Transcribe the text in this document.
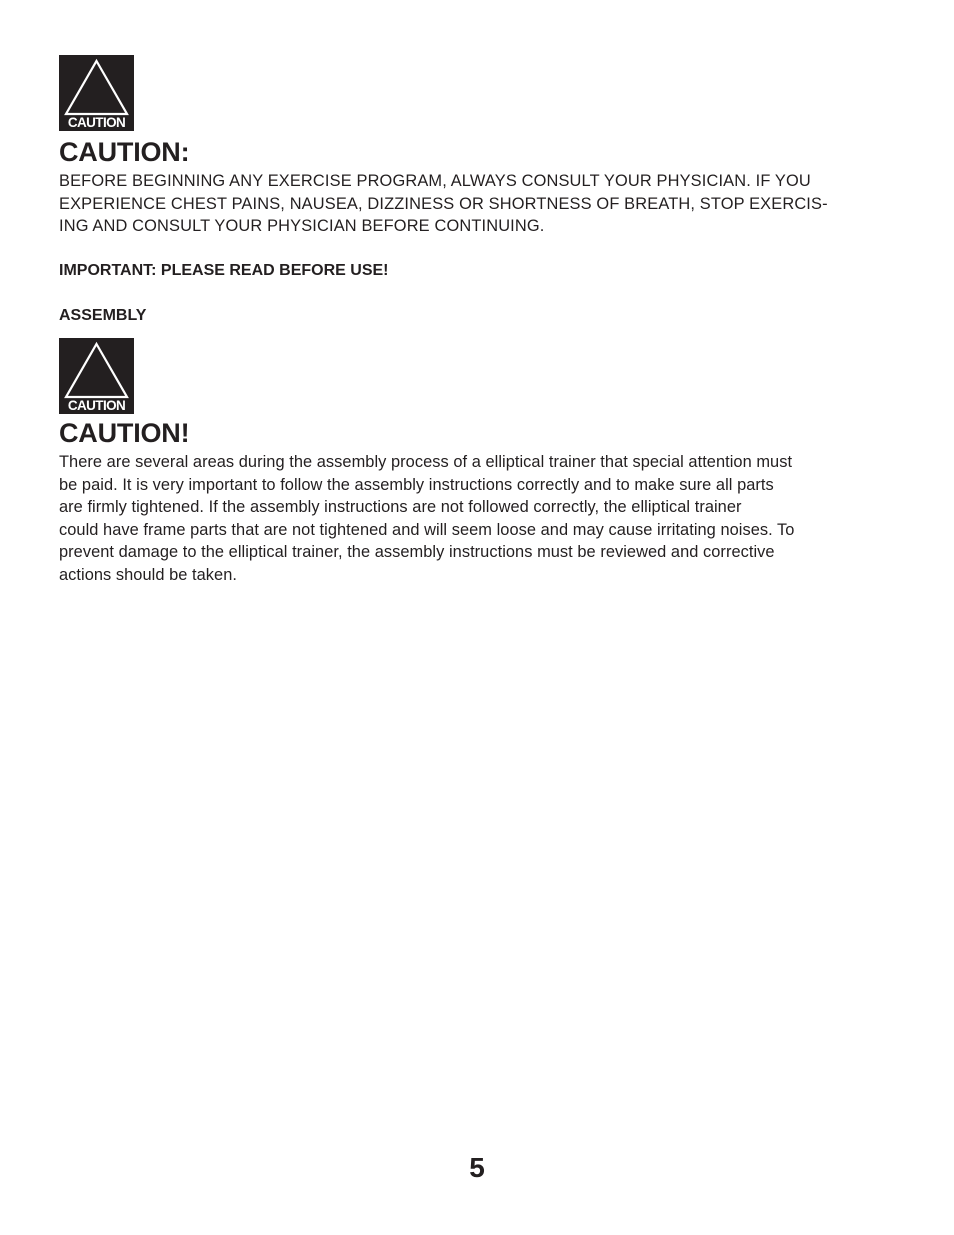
CAUTION
CAUTION:

BEFORE BEGINNING ANY EXERCISE PROGRAM, ALWAYS CONSULT YOUR PHYSICIAN. IF YOU
EXPERIENCE CHEST PAINS, NAUSEA, DIZZINESS OR SHORTNESS OF BREATH, STOP EXERCIS-
ING AND CONSULT YOUR PHYSICIAN BEFORE CONTINUING.

IMPORTANT: PLEASE READ BEFORE USE!

ASSEMBLY

CAUTION
CAUTION!

There are several areas during the assembly process of a elliptical trainer that special attention must
be paid. It is very important to follow the assembly instructions correctly and to make sure all parts
are firmly tightened. If the assembly instructions are not followed correctly, the elliptical trainer
could have frame parts that are not tightened and will seem loose and may cause irritating noises. To
prevent damage to the elliptical trainer, the assembly instructions must be reviewed and corrective
actions should be taken.

5
